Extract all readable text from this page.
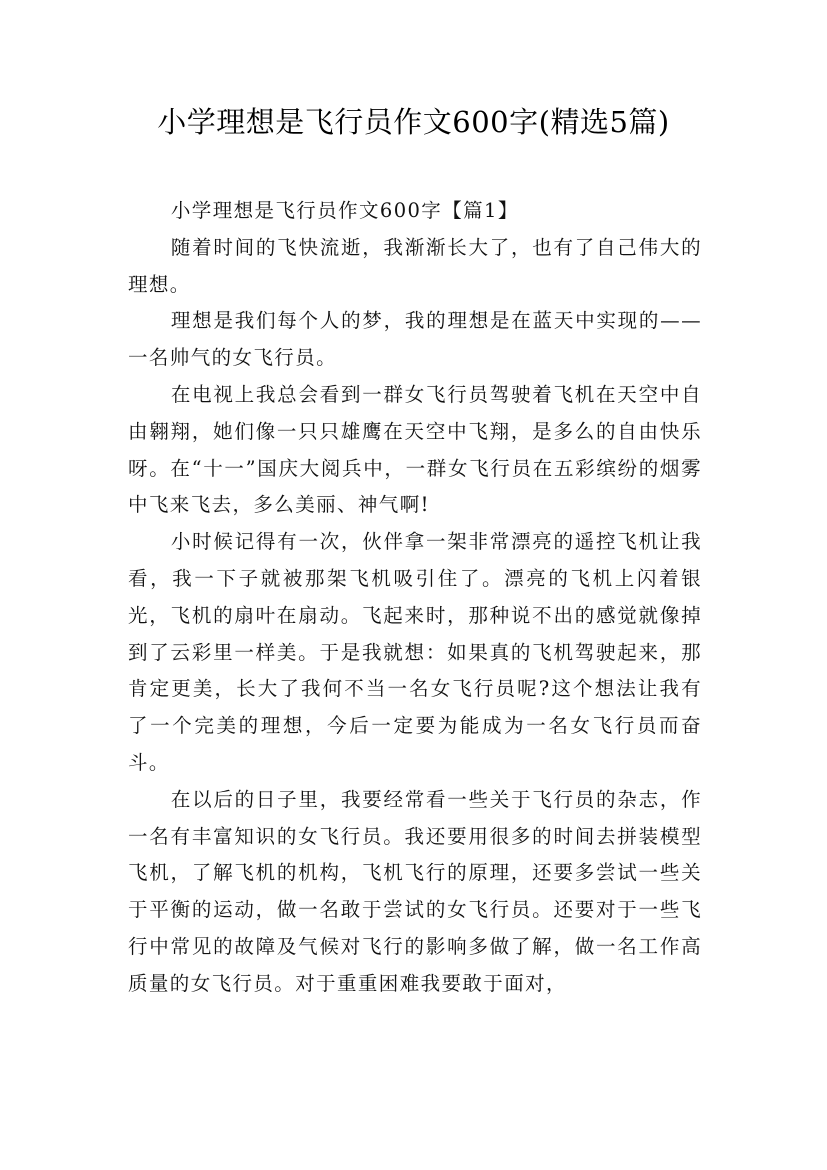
小学理想是飞行员作文600字(精选5篇)

小学理想是飞行员作文600字【篇1】

随着时间的飞快流逝，我渐渐长大了，也有了自己伟大的理想。

理想是我们每个人的梦，我的理想是在蓝天中实现的——一名帅气的女飞行员。

在电视上我总会看到一群女飞行员驾驶着飞机在天空中自由翱翔，她们像一只只雄鹰在天空中飞翔，是多么的自由快乐呀。在“十一”国庆大阅兵中，一群女飞行员在五彩缤纷的烟雾中飞来飞去，多么美丽、神气啊!

小时候记得有一次，伙伴拿一架非常漂亮的遥控飞机让我看，我一下子就被那架飞机吸引住了。漂亮的飞机上闪着银光，飞机的扇叶在扇动。飞起来时，那种说不出的感觉就像掉到了云彩里一样美。于是我就想：如果真的飞机驾驶起来，那肯定更美，长大了我何不当一名女飞行员呢?这个想法让我有了一个完美的理想，今后一定要为能成为一名女飞行员而奋斗。

在以后的日子里，我要经常看一些关于飞行员的杂志，作一名有丰富知识的女飞行员。我还要用很多的时间去拼装模型飞机，了解飞机的机构，飞机飞行的原理，还要多尝试一些关于平衡的运动，做一名敢于尝试的女飞行员。还要对于一些飞行中常见的故障及气候对飞行的影响多做了解，做一名工作高质量的女飞行员。对于重重困难我要敢于面对，
